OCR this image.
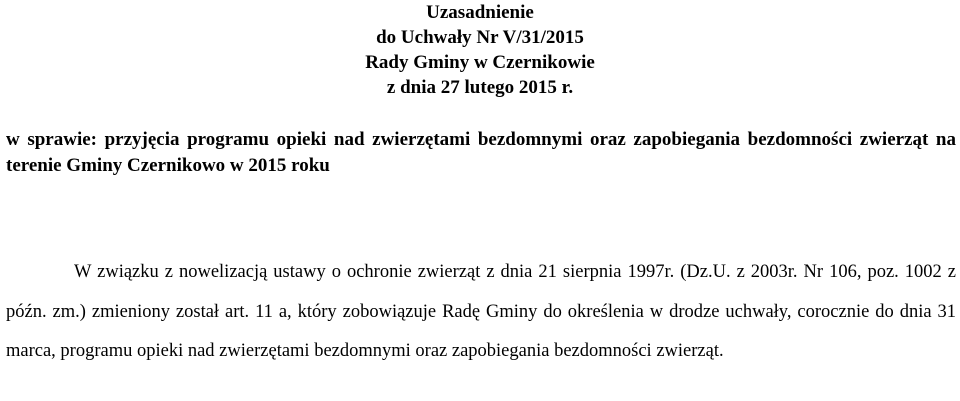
Uzasadnienie
do Uchwały Nr V/31/2015
Rady Gminy w Czernikowie
z dnia 27 lutego 2015 r.
w sprawie: przyjęcia programu opieki nad zwierzętami bezdomnymi oraz zapobiegania bezdomności zwierząt na terenie Gminy Czernikowo w 2015 roku
W związku z nowelizacją ustawy o ochronie zwierząt z dnia 21 sierpnia 1997r. (Dz.U. z 2003r. Nr 106, poz. 1002 z późn. zm.) zmieniony został art. 11 a, który zobowiązuje Radę Gminy do określenia w drodze uchwały, corocznie do dnia 31 marca, programu opieki nad zwierzętami bezdomnymi oraz zapobiegania bezdomności zwierząt.
